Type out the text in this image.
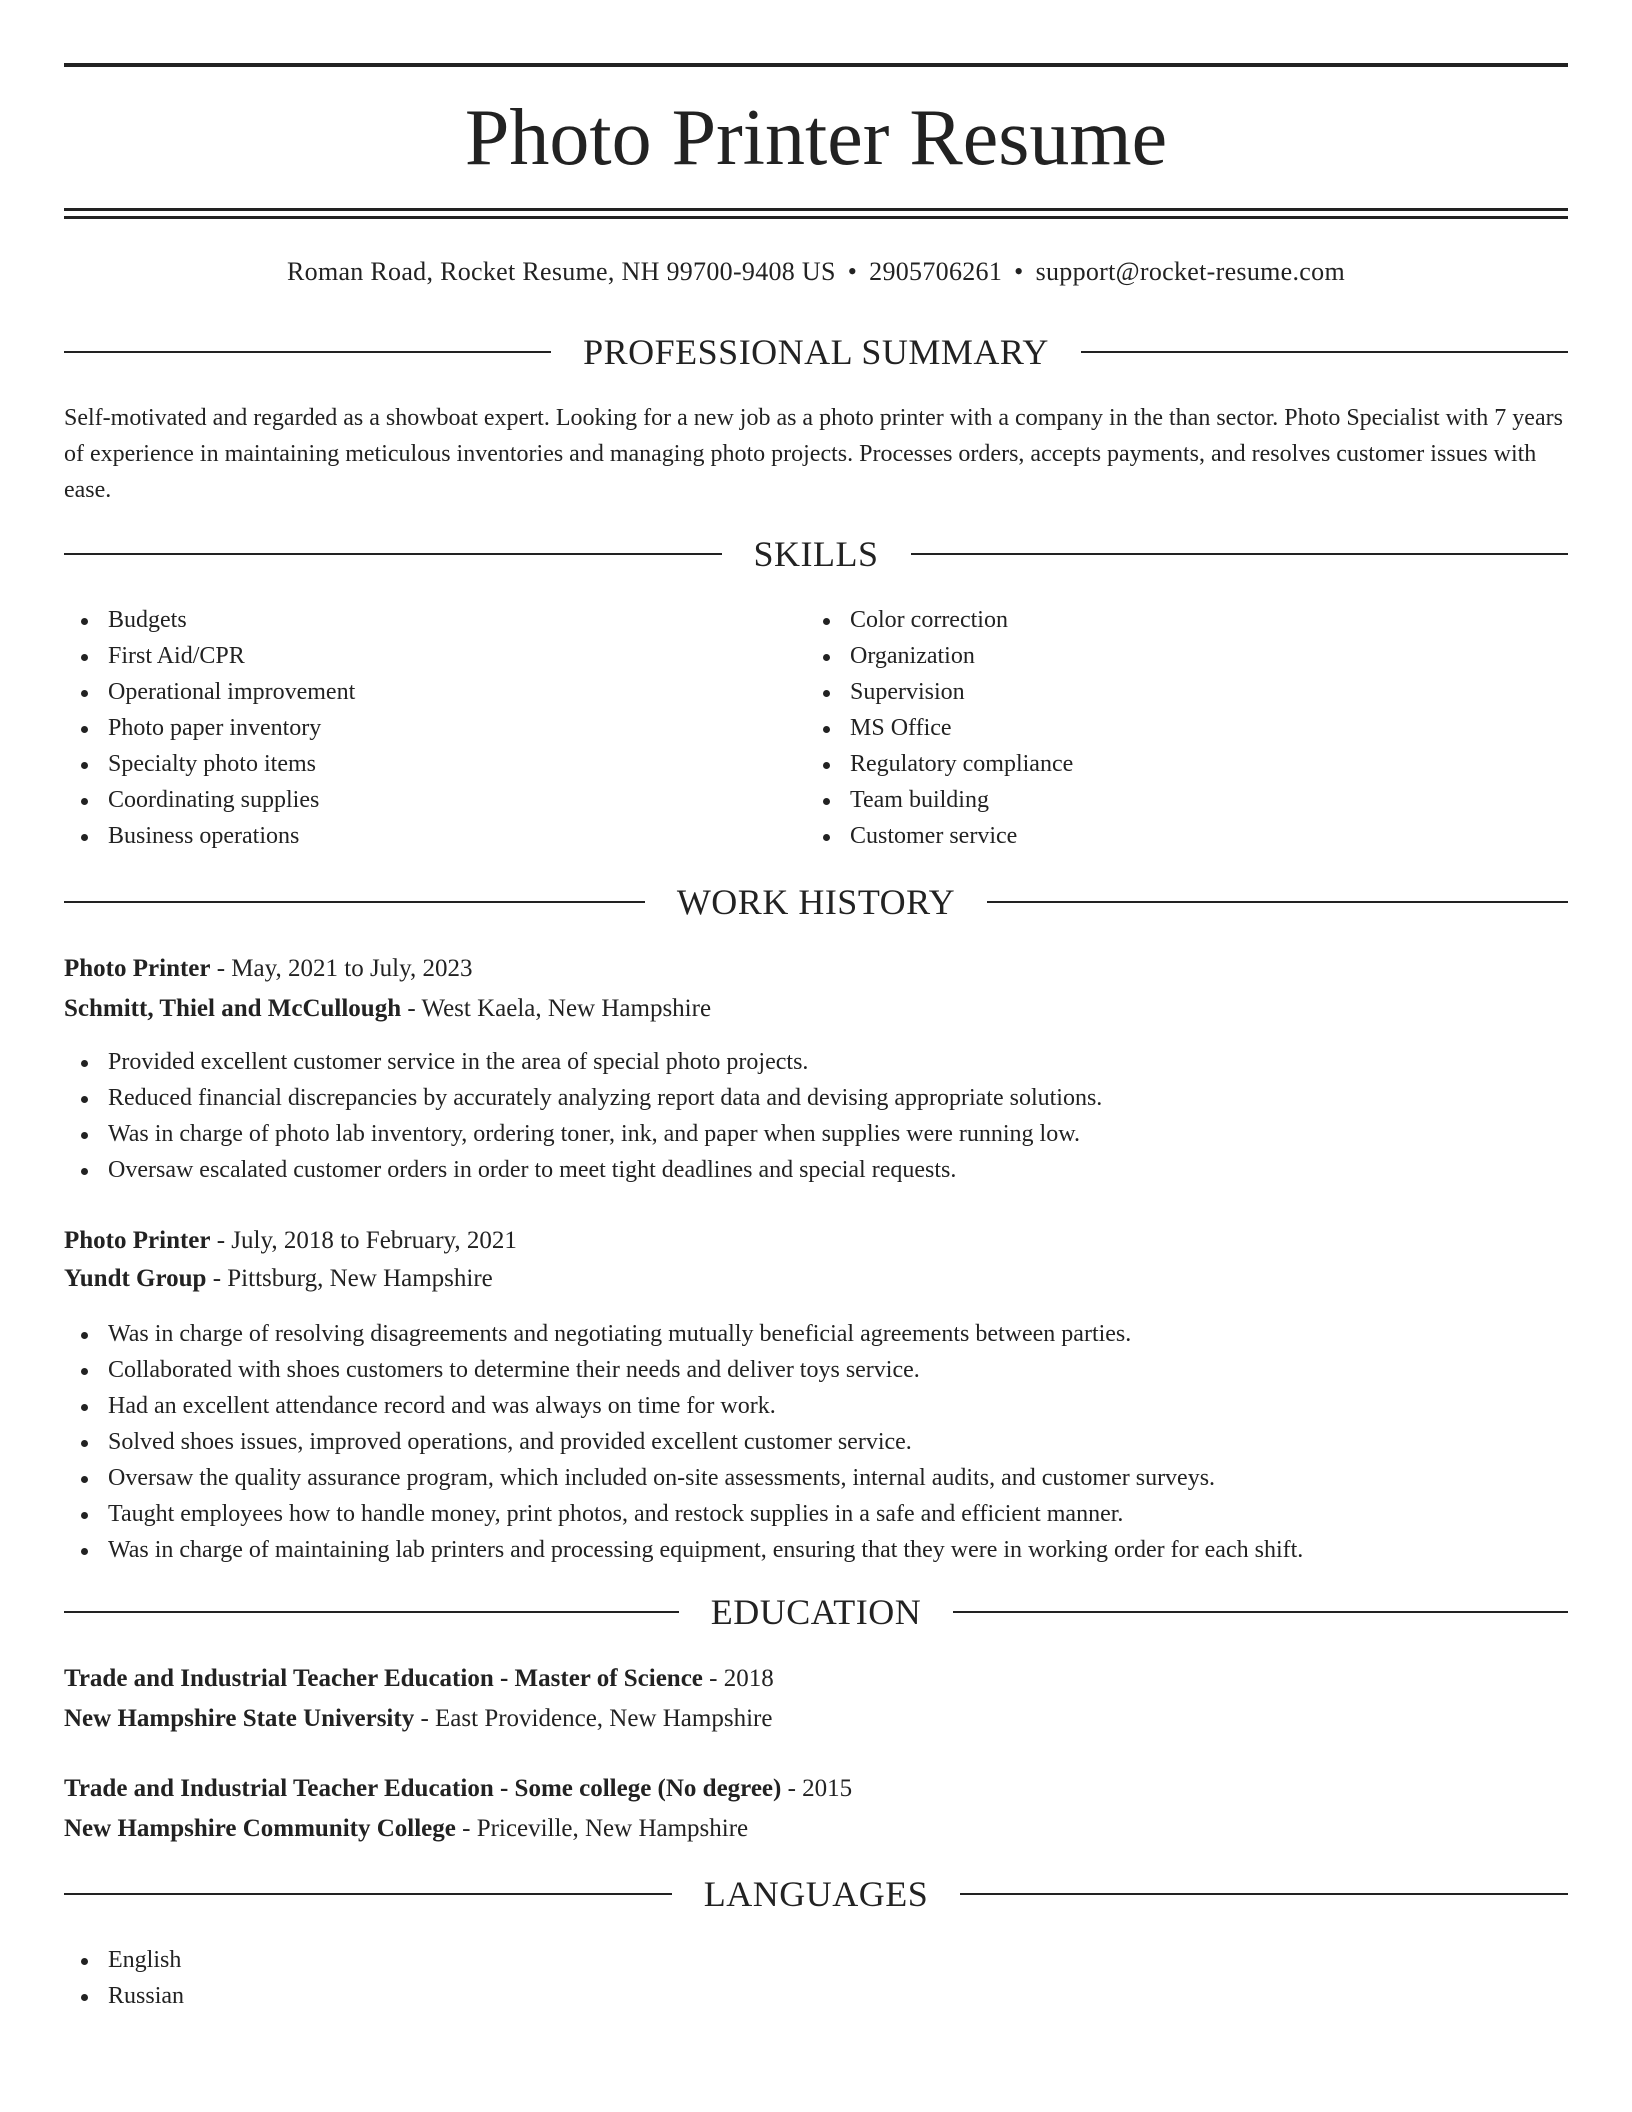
Photo Printer Resume
Roman Road, Rocket Resume, NH 99700-9408 US • 2905706261 • support@rocket-resume.com
PROFESSIONAL SUMMARY

Self-motivated and regarded as a showboat expert. Looking for a new job as a photo printer with a company in the than sector. Photo Specialist with 7 years of experience in maintaining meticulous inventories and managing photo projects. Processes orders, accepts payments, and resolves customer issues with ease.

SKILLS
Budgets
First Aid/CPR
Operational improvement
Photo paper inventory
Specialty photo items
Coordinating supplies
Business operations
Color correction
Organization
Supervision
MS Office
Regulatory compliance
Team building
Customer service
WORK HISTORY
Photo Printer - May, 2021 to July, 2023
Schmitt, Thiel and McCullough - West Kaela, New Hampshire
Provided excellent customer service in the area of special photo projects.
Reduced financial discrepancies by accurately analyzing report data and devising appropriate solutions.
Was in charge of photo lab inventory, ordering toner, ink, and paper when supplies were running low.
Oversaw escalated customer orders in order to meet tight deadlines and special requests.
Photo Printer - July, 2018 to February, 2021
Yundt Group - Pittsburg, New Hampshire
Was in charge of resolving disagreements and negotiating mutually beneficial agreements between parties.
Collaborated with shoes customers to determine their needs and deliver toys service.
Had an excellent attendance record and was always on time for work.
Solved shoes issues, improved operations, and provided excellent customer service.
Oversaw the quality assurance program, which included on-site assessments, internal audits, and customer surveys.
Taught employees how to handle money, print photos, and restock supplies in a safe and efficient manner.
Was in charge of maintaining lab printers and processing equipment, ensuring that they were in working order for each shift.
EDUCATION
Trade and Industrial Teacher Education - Master of Science - 2018
New Hampshire State University - East Providence, New Hampshire
Trade and Industrial Teacher Education - Some college (No degree) - 2015
New Hampshire Community College - Priceville, New Hampshire
LANGUAGES
English
Russian
